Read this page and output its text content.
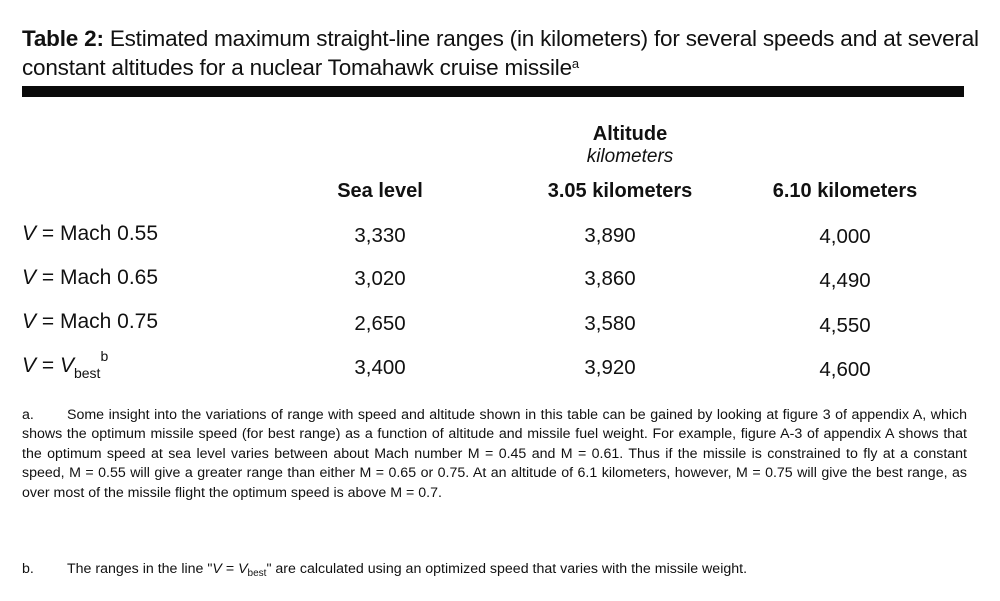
Table 2: Estimated maximum straight-line ranges (in kilometers) for several speeds and at several constant altitudes for a nuclear Tomahawk cruise missile$^a$
Altitude
kilometers
Sea level	3.05 kilometers	6.10 kilometers
V = Mach 0.55	3,330	3,890	4,000
V = Mach 0.65	3,020	3,860	4,490
V = Mach 0.75	2,650	3,580	4,550
$V = V_{best}^b$	3,400	3,920	4,600
a.	Some insight into the variations of range with speed and altitude shown in this table can be gained by looking at figure 3 of appendix A, which shows the optimum missile speed (for best range) as a function of altitude and missile fuel weight. For example, figure A-3 of appendix A shows that the optimum speed at sea level varies between about Mach number M = 0.45 and M = 0.61. Thus if the missile is constrained to fly at a constant speed, M = 0.55 will give a greater range than either M = 0.65 or 0.75. At an altitude of 6.1 kilometers, however, M = 0.75 will give the best range, as over most of the missile flight the optimum speed is above M = 0.7.
b.	The ranges in the line "$V = V_{best}$" are calculated using an optimized speed that varies with the missile weight.
